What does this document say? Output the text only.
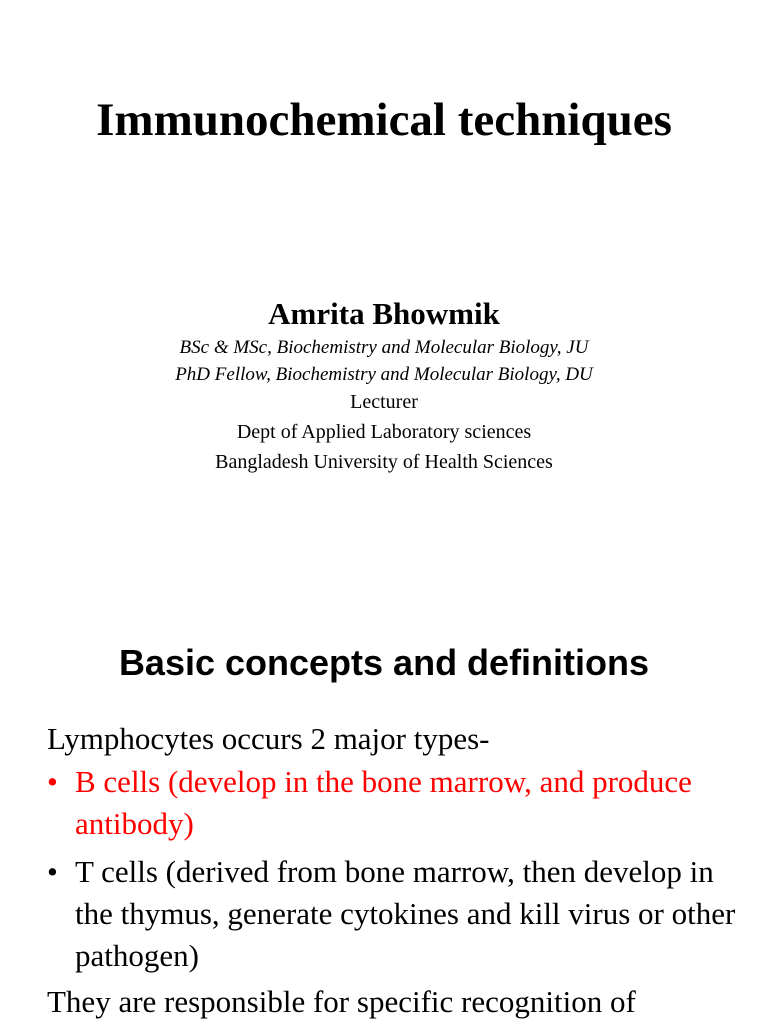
Immunochemical techniques
Amrita Bhowmik
BSc & MSc, Biochemistry and Molecular Biology, JU
PhD Fellow, Biochemistry and Molecular Biology, DU
Lecturer
Dept of Applied Laboratory sciences
Bangladesh University of Health Sciences
Basic concepts and definitions
Lymphocytes occurs 2 major types-
• B cells (develop in the bone marrow, and produce antibody)
• T cells (derived from bone marrow, then develop in the thymus, generate cytokines and kill virus or other pathogen)
They are responsible for specific recognition of
